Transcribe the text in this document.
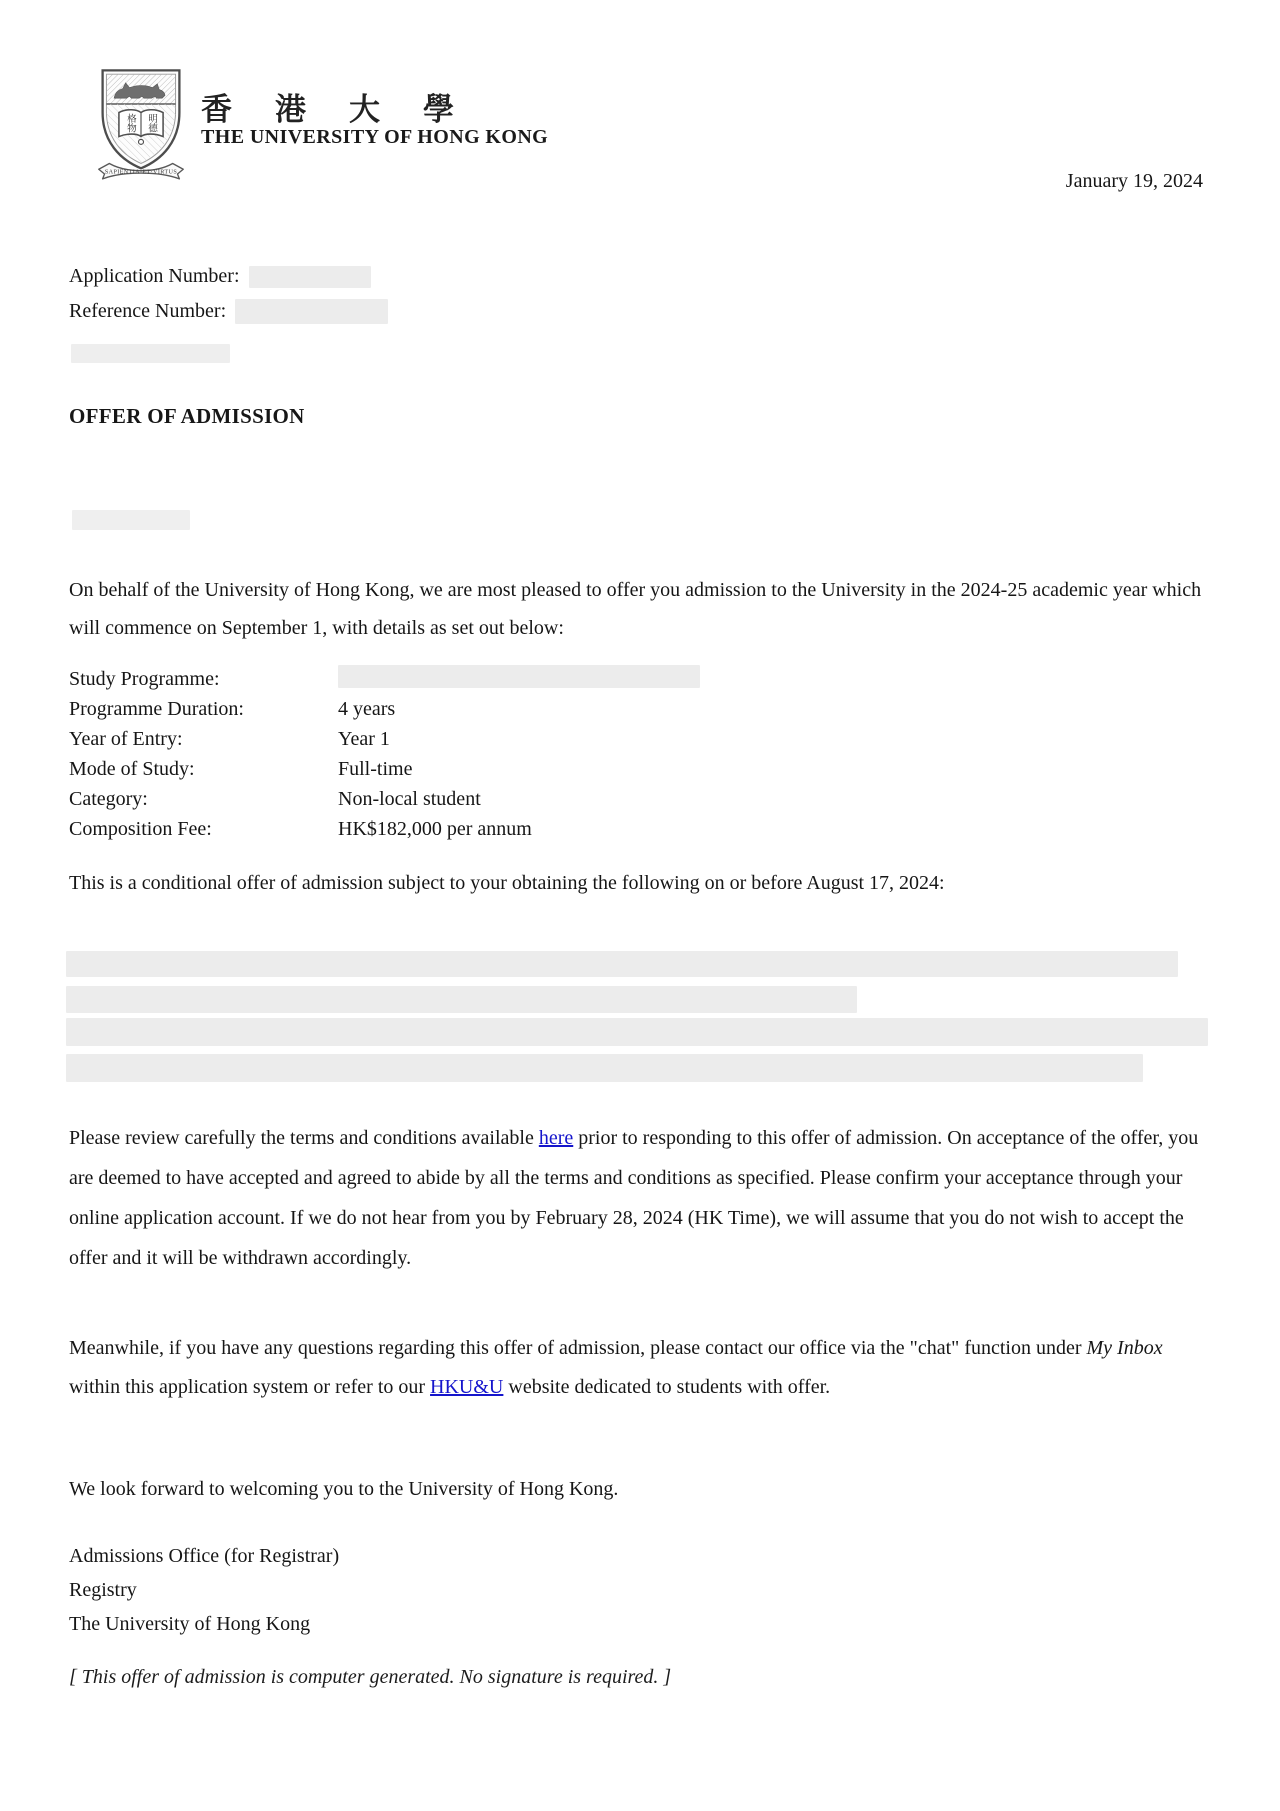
明德
格物
SAPIENTIA·ET·VIRTUS
香港大學
THE UNIVERSITY OF HONG KONG
January 19, 2024
Application Number:
Reference Number:
OFFER OF ADMISSION
On behalf of the University of Hong Kong, we are most pleased to offer you admission to the University in the 2024-25 academic year which will commence on September 1, with details as set out below:
Study Programme:
Programme Duration:	4 years
Year of Entry:	Year 1
Mode of Study:	Full-time
Category:	Non-local student
Composition Fee:	HK$182,000 per annum
This is a conditional offer of admission subject to your obtaining the following on or before August 17, 2024:
Please review carefully the terms and conditions available here prior to responding to this offer of admission. On acceptance of the offer, you are deemed to have accepted and agreed to abide by all the terms and conditions as specified. Please confirm your acceptance through your online application account. If we do not hear from you by February 28, 2024 (HK Time), we will assume that you do not wish to accept the offer and it will be withdrawn accordingly.
Meanwhile, if you have any questions regarding this offer of admission, please contact our office via the "chat" function under My Inbox within this application system or refer to our HKU&U website dedicated to students with offer.
We look forward to welcoming you to the University of Hong Kong.
Admissions Office (for Registrar)
Registry
The University of Hong Kong
[ This offer of admission is computer generated. No signature is required. ]
